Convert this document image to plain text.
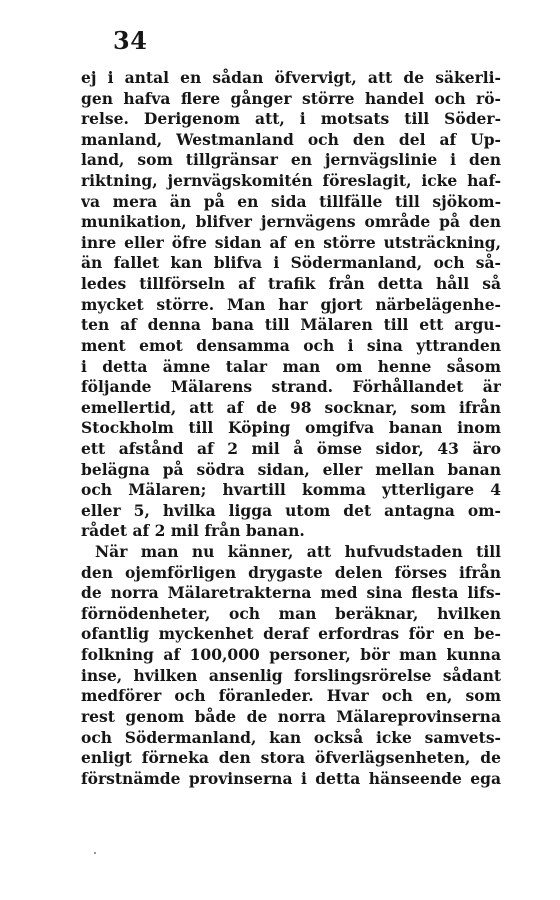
34
ej i antal en sådan öfvervigt, att de säkerli-
gen hafva flere gånger större handel och rö-
relse. Derigenom att, i motsats till Söder-
manland, Westmanland och den del af Up-
land, som tillgränsar en jernvägslinie i den
riktning, jernvägskomitén föreslagit, icke haf-
va mera än på en sida tillfälle till sjökom-
munikation, blifver jernvägens område på den
inre eller öfre sidan af en större utsträckning,
än fallet kan blifva i Södermanland, och så-
ledes tillförseln af trafik från detta håll så
mycket större. Man har gjort närbelägenhe-
ten af denna bana till Mälaren till ett argu-
ment emot densamma och i sina yttranden
i detta ämne talar man om henne såsom
följande Mälarens strand. Förhållandet är
emellertid, att af de 98 socknar, som ifrån
Stockholm till Köping omgifva banan inom
ett afstånd af 2 mil å ömse sidor, 43 äro
belägna på södra sidan, eller mellan banan
och Mälaren; hvartill komma ytterligare 4
eller 5, hvilka ligga utom det antagna om-
rådet af 2 mil från banan.
När man nu känner, att hufvudstaden till
den ojemförligen drygaste delen förses ifrån
de norra Mälaretrakterna med sina flesta lifs-
förnödenheter, och man beräknar, hvilken
ofantlig myckenhet deraf erfordras för en be-
folkning af 100,000 personer, bör man kunna
inse, hvilken ansenlig forslingsrörelse sådant
medförer och föranleder. Hvar och en, som
rest genom både de norra Mälareprovinserna
och Södermanland, kan också icke samvets-
enligt förneka den stora öfverlägsenheten, de
förstnämde provinserna i detta hänseende ega
